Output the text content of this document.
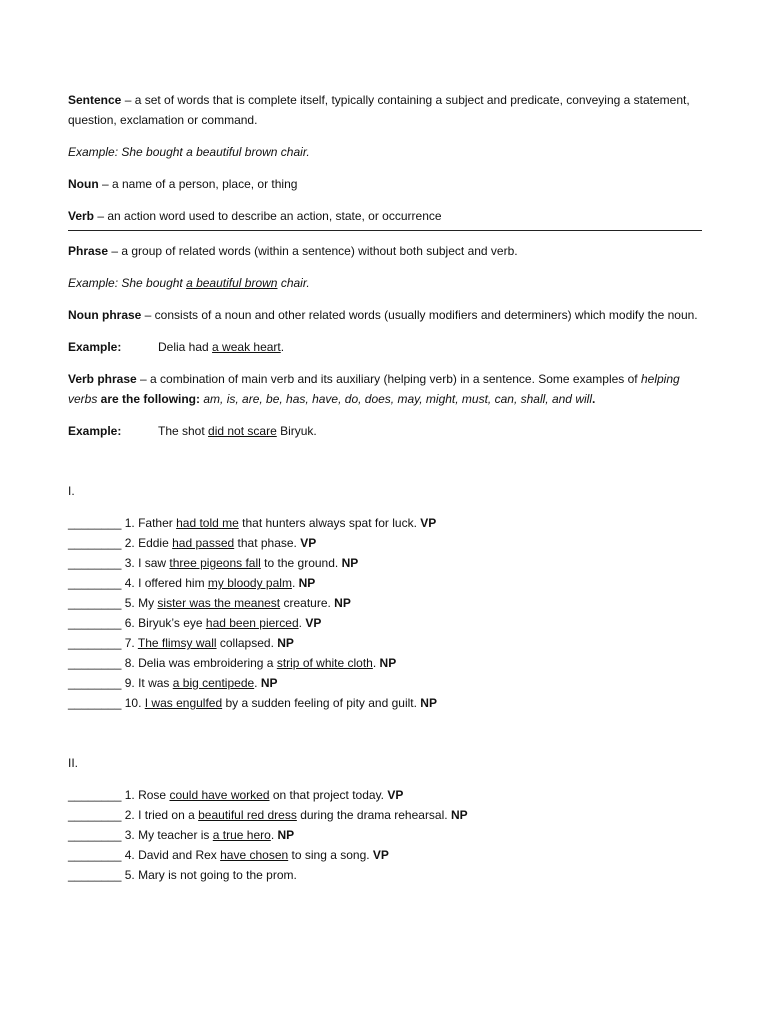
Sentence – a set of words that is complete itself, typically containing a subject and predicate, conveying a statement, question, exclamation or command.

Example: She bought a beautiful brown chair.

Noun – a name of a person, place, or thing

Verb – an action word used to describe an action, state, or occurrence

Phrase – a group of related words (within a sentence) without both subject and verb.

Example: She bought a beautiful brown chair.

Noun phrase – consists of a noun and other related words (usually modifiers and determiners) which modify the noun.

Example:	Delia had a weak heart.

Verb phrase – a combination of main verb and its auxiliary (helping verb) in a sentence. Some examples of helping verbs are the following: am, is, are, be, has, have, do, does, may, might, must, can, shall, and will.

Example:	The shot did not scare Biryuk.

I.

________ 1. Father had told me that hunters always spat for luck. VP

________ 2. Eddie had passed that phase. VP

________ 3. I saw three pigeons fall to the ground. NP

________ 4. I offered him my bloody palm. NP

________ 5. My sister was the meanest creature. NP

________ 6. Biryuk’s eye had been pierced. VP

________ 7. The flimsy wall collapsed. NP

________ 8. Delia was embroidering a strip of white cloth. NP

________ 9. It was a big centipede. NP

________ 10. I was engulfed by a sudden feeling of pity and guilt. NP

II.

________ 1. Rose could have worked on that project today. VP

________ 2. I tried on a beautiful red dress during the drama rehearsal. NP

________ 3. My teacher is a true hero. NP

________ 4. David and Rex have chosen to sing a song. VP

________ 5. Mary is not going to the prom.
